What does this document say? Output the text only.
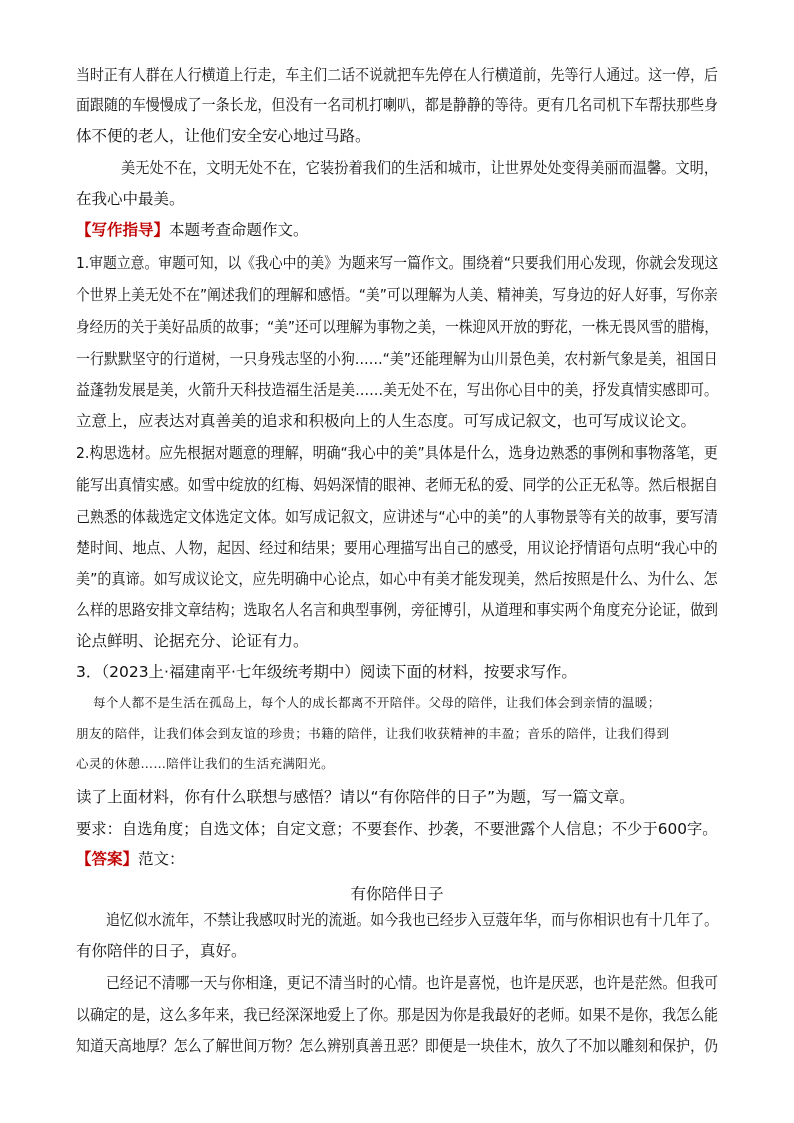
当时正有人群在人行横道上行走，车主们二话不说就把车先停在人行横道前，先等行人通过。这一停，后
面跟随的车慢慢成了一条长龙，但没有一名司机打喇叭，都是静静的等待。更有几名司机下车帮扶那些身
体不便的老人，让他们安全安心地过马路。
美无处不在，文明无处不在，它装扮着我们的生活和城市，让世界处处变得美丽而温馨。文明，
在我心中最美。
【写作指导】本题考查命题作文。
1.审题立意。审题可知，以《我心中的美》为题来写一篇作文。围绕着“只要我们用心发现，你就会发现这
个世界上美无处不在”阐述我们的理解和感悟。“美”可以理解为人美、精神美，写身边的好人好事，写你亲
身经历的关于美好品质的故事；“美”还可以理解为事物之美，一株迎风开放的野花，一株无畏风雪的腊梅，
一行默默坚守的行道树，一只身残志坚的小狗……“美”还能理解为山川景色美，农村新气象是美，祖国日
益蓬勃发展是美，火箭升天科技造福生活是美……美无处不在，写出你心目中的美，抒发真情实感即可。
立意上，应表达对真善美的追求和积极向上的人生态度。可写成记叙文，也可写成议论文。
2.构思选材。应先根据对题意的理解，明确“我心中的美”具体是什么，选身边熟悉的事例和事物落笔，更
能写出真情实感。如雪中绽放的红梅、妈妈深情的眼神、老师无私的爱、同学的公正无私等。然后根据自
己熟悉的体裁选定文体选定文体。如写成记叙文，应讲述与“心中的美”的人事物景等有关的故事，要写清
楚时间、地点、人物，起因、经过和结果；要用心理描写出自己的感受，用议论抒情语句点明“我心中的
美”的真谛。如写成议论文，应先明确中心论点，如心中有美才能发现美，然后按照是什么、为什么、怎
么样的思路安排文章结构；选取名人名言和典型事例，旁征博引，从道理和事实两个角度充分论证，做到
论点鲜明、论据充分、论证有力。
3．（2023上·福建南平·七年级统考期中）阅读下面的材料，按要求写作。
每个人都不是生活在孤岛上，每个人的成长都离不开陪伴。父母的陪伴，让我们体会到亲情的温暖；
朋友的陪伴，让我们体会到友谊的珍贵；书籍的陪伴，让我们收获精神的丰盈；音乐的陪伴，让我们得到
心灵的休憩……陪伴让我们的生活充满阳光。
读了上面材料，你有什么联想与感悟？请以“有你陪伴的日子”为题，写一篇文章。
要求：自选角度；自选文体；自定文意；不要套作、抄袭，不要泄露个人信息；不少于600字。
【答案】范文：
有你陪伴日子
追忆似水流年，不禁让我感叹时光的流逝。如今我也已经步入豆蔻年华，而与你相识也有十几年了。
有你陪伴的日子，真好。
已经记不清哪一天与你相逢，更记不清当时的心情。也许是喜悦，也许是厌恶，也许是茫然。但我可
以确定的是，这么多年来，我已经深深地爱上了你。那是因为你是我最好的老师。如果不是你，我怎么能
知道天高地厚？怎么了解世间万物？怎么辨别真善丑恶？即便是一块佳木，放久了不加以雕刻和保护，仍
